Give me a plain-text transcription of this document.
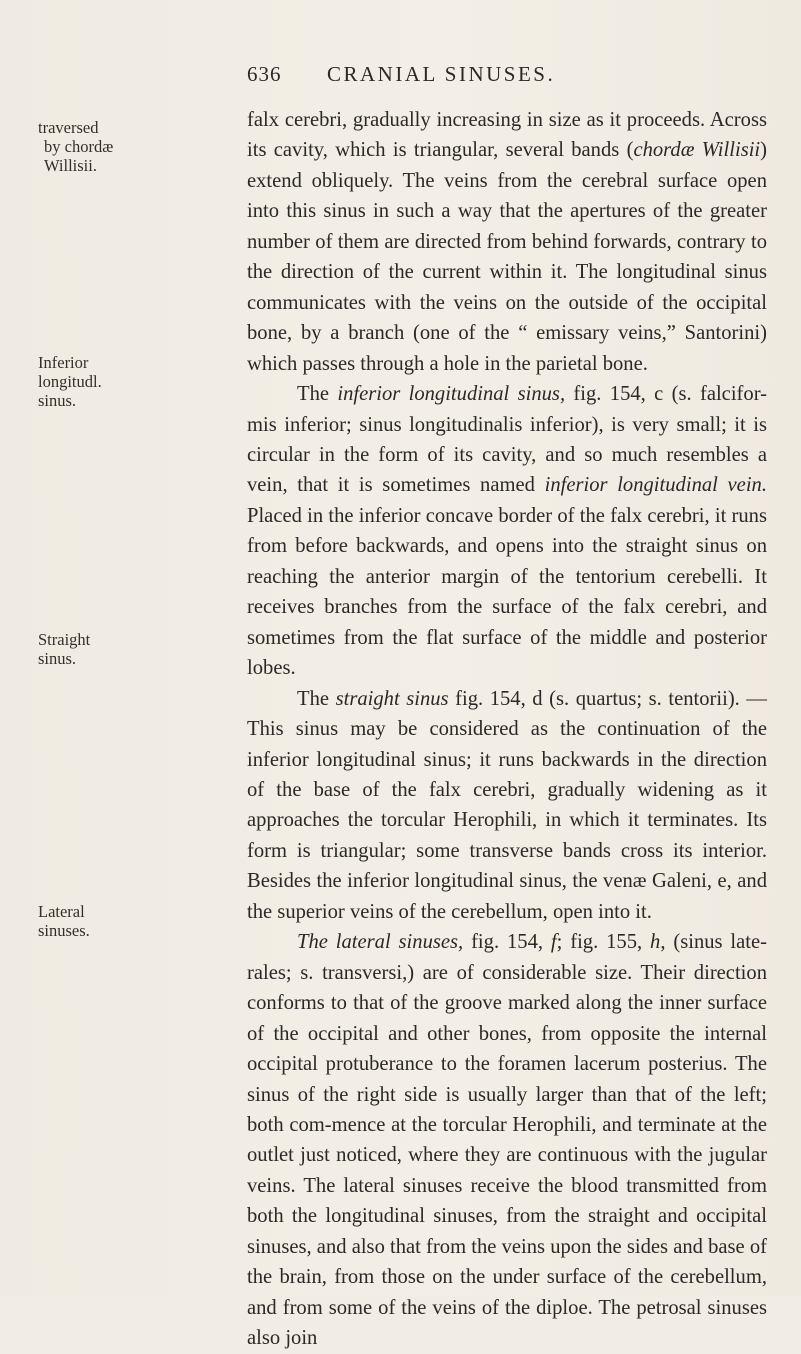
636 CRANIAL SINUSES.
traversed
by chordæ
Willisii.
Inferior
longitudl.
sinus.
Straight
sinus.
Lateral
sinuses.

falx cerebri, gradually increasing in size as it proceeds. Across its cavity, which is triangular, several bands (chordæ Willisii) extend obliquely. The veins from the cerebral surface open into this sinus in such a way that the apertures of the greater number of them are directed from behind forwards, contrary to the direction of the current within it. The longitudinal sinus communicates with the veins on the outside of the occipital bone, by a branch (one of the “ emissary veins,” Santorini) which passes through a hole in the parietal bone.

The inferior longitudinal sinus, fig. 154, c (s. falcifor-mis inferior; sinus longitudinalis inferior), is very small; it is circular in the form of its cavity, and so much resembles a vein, that it is sometimes named inferior longitudinal vein. Placed in the inferior concave border of the falx cerebri, it runs from before backwards, and opens into the straight sinus on reaching the anterior margin of the tentorium cerebelli. It receives branches from the surface of the falx cerebri, and sometimes from the flat surface of the middle and posterior lobes.

The straight sinus fig. 154, d (s. quartus; s. tentorii). —This sinus may be considered as the continuation of the inferior longitudinal sinus; it runs backwards in the direction of the base of the falx cerebri, gradually widening as it approaches the torcular Herophili, in which it terminates. Its form is triangular; some transverse bands cross its interior. Besides the inferior longitudinal sinus, the venæ Galeni, e, and the superior veins of the cerebellum, open into it.

The lateral sinuses, fig. 154, f; fig. 155, h, (sinus late-rales; s. transversi,) are of considerable size. Their direction conforms to that of the groove marked along the inner surface of the occipital and other bones, from opposite the internal occipital protuberance to the foramen lacerum posterius. The sinus of the right side is usually larger than that of the left; both com-mence at the torcular Herophili, and terminate at the outlet just noticed, where they are continuous with the jugular veins. The lateral sinuses receive the blood transmitted from both the longitudinal sinuses, from the straight and occipital sinuses, and also that from the veins upon the sides and base of the brain, from those on the under surface of the cerebellum, and from some of the veins of the diploe. The petrosal sinuses also join
